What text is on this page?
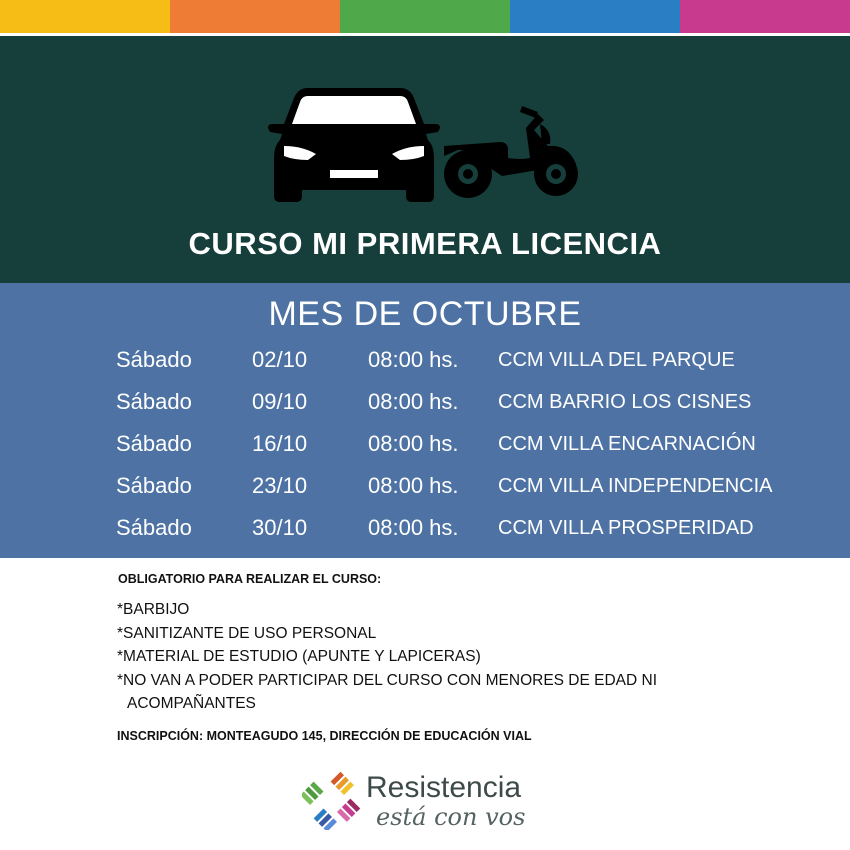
CURSO MI PRIMERA LICENCIA
MES DE OCTUBRE
Sábado	02/10	08:00 hs. CCM VILLA DEL PARQUE
Sábado	09/10	08:00 hs. CCM BARRIO LOS CISNES
Sábado	16/10	08:00 hs. CCM VILLA ENCARNACIÓN
Sábado	23/10	08:00 hs. CCM VILLA INDEPENDENCIA
Sábado	30/10	08:00 hs. CCM VILLA PROSPERIDAD
OBLIGATORIO PARA REALIZAR EL CURSO:
*BARBIJO
*SANITIZANTE DE USO PERSONAL
*MATERIAL DE ESTUDIO (APUNTE Y LAPICERAS)
*NO VAN A PODER PARTICIPAR DEL CURSO CON MENORES DE EDAD NI
ACOMPAÑANTES
INSCRIPCIÓN: MONTEAGUDO 145, DIRECCIÓN DE EDUCACIÓN VIAL
Resistencia
está con vos
